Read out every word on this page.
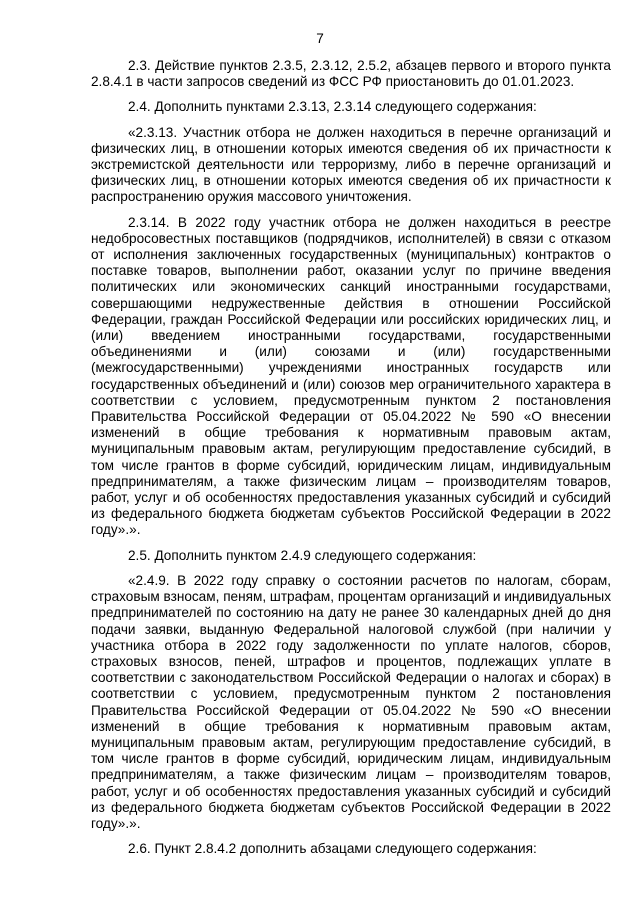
7

2.3. Действие пунктов 2.3.5, 2.3.12, 2.5.2, абзацев первого и второго пункта 2.8.4.1 в части запросов сведений из ФСС РФ приостановить до 01.01.2023.

2.4. Дополнить пунктами 2.3.13, 2.3.14 следующего содержания:

«2.3.13. Участник отбора не должен находиться в перечне организаций и физических лиц, в отношении которых имеются сведения об их причастности к экстремистской деятельности или терроризму, либо в перечне организаций и физических лиц, в отношении которых имеются сведения об их причастности к распространению оружия массового уничтожения.

2.3.14. В 2022 году участник отбора не должен находиться в реестре недобросовестных поставщиков (подрядчиков, исполнителей) в связи с отказом от исполнения заключенных государственных (муниципальных) контрактов о поставке товаров, выполнении работ, оказании услуг по причине введения политических или экономических санкций иностранными государствами, совершающими недружественные действия в отношении Российской Федерации, граждан Российской Федерации или российских юридических лиц, и (или) введением иностранными государствами, государственными объединениями и (или) союзами и (или) государственными (межгосударственными) учреждениями иностранных государств или государственных объединений и (или) союзов мер ограничительного характера в соответствии с условием, предусмотренным пунктом 2 постановления Правительства Российской Федерации от 05.04.2022 № 590 «О внесении изменений в общие требования к нормативным правовым актам, муниципальным правовым актам, регулирующим предоставление субсидий, в том числе грантов в форме субсидий, юридическим лицам, индивидуальным предпринимателям, а также физическим лицам – производителям товаров, работ, услуг и об особенностях предоставления указанных субсидий и субсидий из федерального бюджета бюджетам субъектов Российской Федерации в 2022 году».».

2.5. Дополнить пунктом 2.4.9 следующего содержания:

«2.4.9. В 2022 году справку о состоянии расчетов по налогам, сборам, страховым взносам, пеням, штрафам, процентам организаций и индивидуальных предпринимателей по состоянию на дату не ранее 30 календарных дней до дня подачи заявки, выданную Федеральной налоговой службой (при наличии у участника отбора в 2022 году задолженности по уплате налогов, сборов, страховых взносов, пеней, штрафов и процентов, подлежащих уплате в соответствии с законодательством Российской Федерации о налогах и сборах) в соответствии с условием, предусмотренным пунктом 2 постановления Правительства Российской Федерации от 05.04.2022 № 590 «О внесении изменений в общие требования к нормативным правовым актам, муниципальным правовым актам, регулирующим предоставление субсидий, в том числе грантов в форме субсидий, юридическим лицам, индивидуальным предпринимателям, а также физическим лицам – производителям товаров, работ, услуг и об особенностях предоставления указанных субсидий и субсидий из федерального бюджета бюджетам субъектов Российской Федерации в 2022 году».».

2.6. Пункт 2.8.4.2 дополнить абзацами следующего содержания:
